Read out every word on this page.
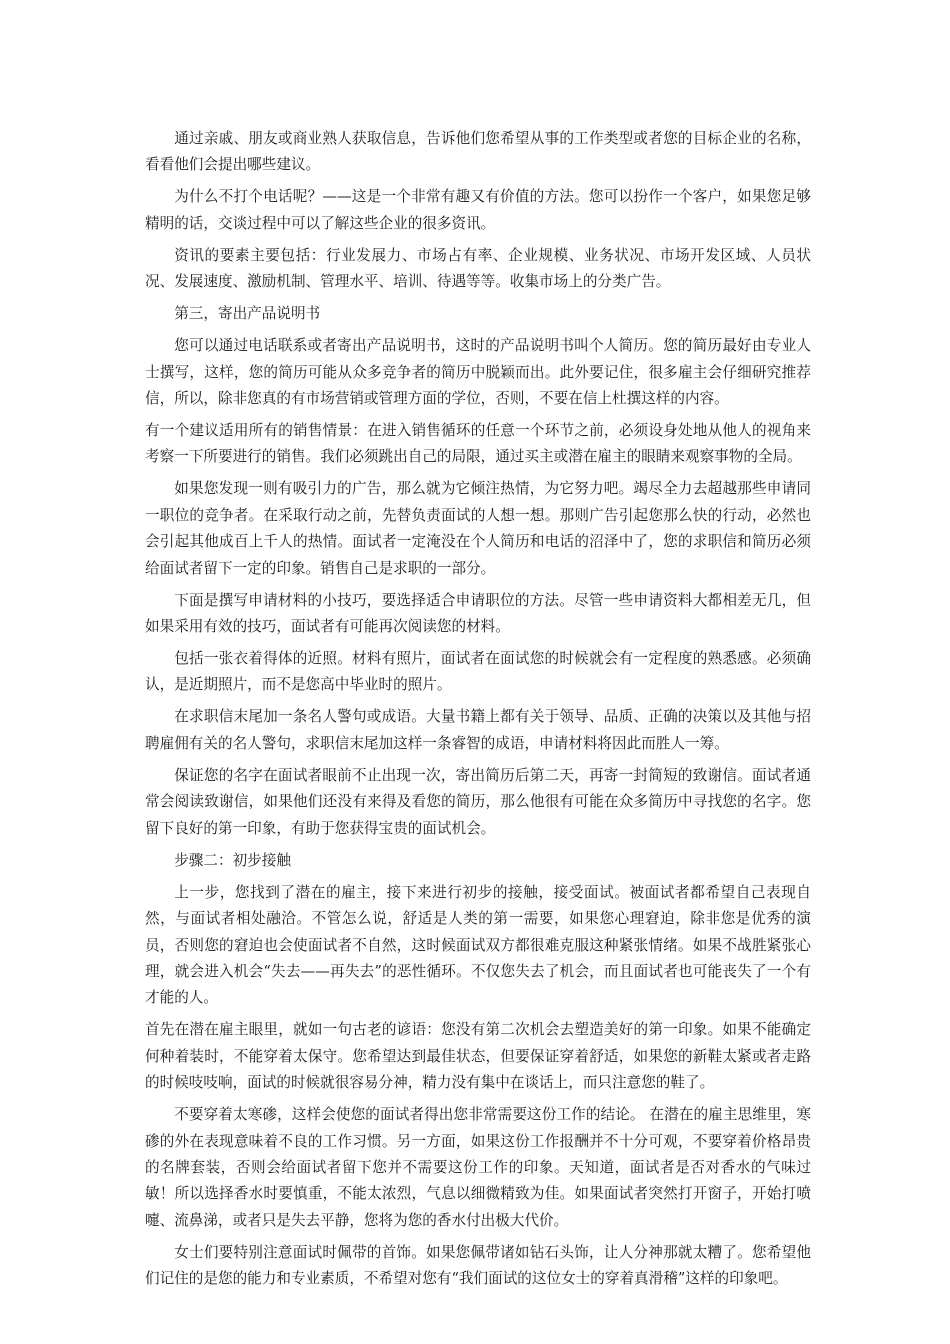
通过亲戚、朋友或商业熟人获取信息，告诉他们您希望从事的工作类型或者您的目标企业的名称，看看他们会提出哪些建议。

为什么不打个电话呢？——这是一个非常有趣又有价值的方法。您可以扮作一个客户，如果您足够精明的话，交谈过程中可以了解这些企业的很多资讯。

资讯的要素主要包括：行业发展力、市场占有率、企业规模、业务状况、市场开发区域、人员状况、发展速度、激励机制、管理水平、培训、待遇等等。收集市场上的分类广告。

第三，寄出产品说明书

您可以通过电话联系或者寄出产品说明书，这时的产品说明书叫个人简历。您的简历最好由专业人士撰写，这样，您的简历可能从众多竞争者的简历中脱颖而出。此外要记住，很多雇主会仔细研究推荐信，所以，除非您真的有市场营销或管理方面的学位，否则，不要在信上杜撰这样的内容。

有一个建议适用所有的销售情景：在进入销售循环的任意一个环节之前，必须设身处地从他人的视角来考察一下所要进行的销售。我们必须跳出自己的局限，通过买主或潜在雇主的眼睛来观察事物的全局。

如果您发现一则有吸引力的广告，那么就为它倾注热情，为它努力吧。竭尽全力去超越那些申请同一职位的竞争者。在采取行动之前，先替负责面试的人想一想。那则广告引起您那么快的行动，必然也会引起其他成百上千人的热情。面试者一定淹没在个人简历和电话的沼泽中了，您的求职信和简历必须给面试者留下一定的印象。销售自己是求职的一部分。

下面是撰写申请材料的小技巧，要选择适合申请职位的方法。尽管一些申请资料大都相差无几，但如果采用有效的技巧，面试者有可能再次阅读您的材料。

包括一张衣着得体的近照。材料有照片，面试者在面试您的时候就会有一定程度的熟悉感。必须确认，是近期照片，而不是您高中毕业时的照片。

在求职信末尾加一条名人警句或成语。大量书籍上都有关于领导、品质、正确的决策以及其他与招聘雇佣有关的名人警句，求职信末尾加这样一条睿智的成语，申请材料将因此而胜人一筹。

保证您的名字在面试者眼前不止出现一次，寄出简历后第二天，再寄一封简短的致谢信。面试者通常会阅读致谢信，如果他们还没有来得及看您的简历，那么他很有可能在众多简历中寻找您的名字。您留下良好的第一印象，有助于您获得宝贵的面试机会。

步骤二：初步接触

上一步，您找到了潜在的雇主，接下来进行初步的接触，接受面试。被面试者都希望自己表现自然，与面试者相处融洽。不管怎么说，舒适是人类的第一需要，如果您心理窘迫，除非您是优秀的演员，否则您的窘迫也会使面试者不自然，这时候面试双方都很难克服这种紧张情绪。如果不战胜紧张心理，就会进入机会“失去——再失去”的恶性循环。不仅您失去了机会，而且面试者也可能丧失了一个有才能的人。

首先在潜在雇主眼里，就如一句古老的谚语：您没有第二次机会去塑造美好的第一印象。如果不能确定何种着装时，不能穿着太保守。您希望达到最佳状态，但要保证穿着舒适，如果您的新鞋太紧或者走路的时候吱吱响，面试的时候就很容易分神，精力没有集中在谈话上，而只注意您的鞋了。

不要穿着太寒碜，这样会使您的面试者得出您非常需要这份工作的结论。 在潜在的雇主思维里，寒碜的外在表现意味着不良的工作习惯。另一方面，如果这份工作报酬并不十分可观，不要穿着价格昂贵的名牌套装，否则会给面试者留下您并不需要这份工作的印象。天知道，面试者是否对香水的气味过敏！所以选择香水时要慎重，不能太浓烈，气息以细微精致为佳。如果面试者突然打开窗子，开始打喷嚏、流鼻涕，或者只是失去平静，您将为您的香水付出极大代价。

女士们要特别注意面试时佩带的首饰。如果您佩带诸如钻石头饰，让人分神那就太糟了。您希望他们记住的是您的能力和专业素质，不希望对您有“我们面试的这位女士的穿着真滑稽”这样的印象吧。
